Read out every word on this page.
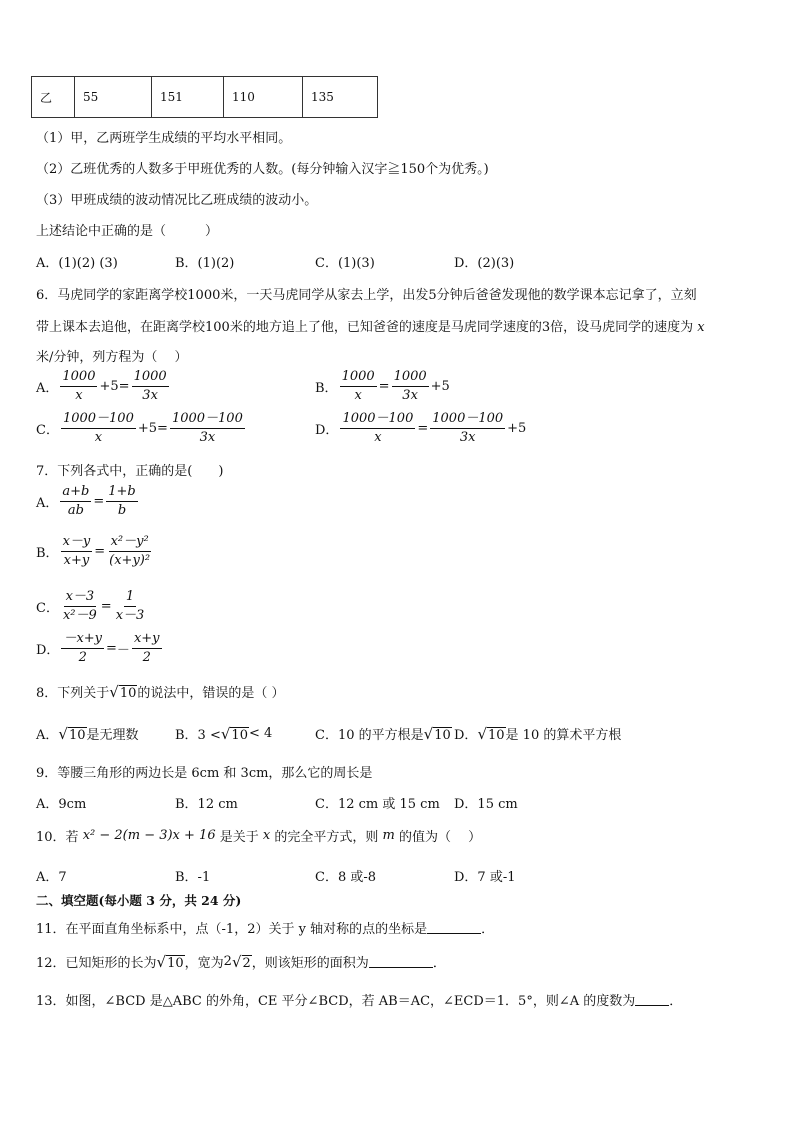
乙	55	151	110	135
（1）甲，乙两班学生成绩的平均水平相同。
（2）乙班优秀的人数多于甲班优秀的人数。(每分钟输入汉字≧150个为优秀。)
（3）甲班成绩的波动情况比乙班成绩的波动小。
上述结论中正确的是（　　　）
A．(1)(2) (3)	B．(1)(2)	C．(1)(3)	D．(2)(3)
6．马虎同学的家距离学校1000米，一天马虎同学从家去上学，出发5分钟后爸爸发现他的数学课本忘记拿了，立刻
带上课本去追他，在距离学校100米的地方追上了他，已知爸爸的速度是马虎同学速度的3倍，设马虎同学的速度为 x
米/分钟，列方程为（　 ）
A． $\frac{1000}{x} +5 = \frac{1000}{3x}$	B． $\frac{1000}{x} = \frac{1000}{3x} +5$
C． $\frac{1000-100}{x} +5 = \frac{1000-100}{3x}$	D． $\frac{1000-100}{x} = \frac{1000-100}{3x} +5$
7．下列各式中，正确的是(　　)
A． $\frac{a+b}{ab} = \frac{1+b}{b}$
B． $\frac{x-y}{x+y} = \frac{\text{x²－y²}}{\text{(x+y)²}}$
C． $\frac{x-3}{\text{x²－9}} = \frac{1}{x-3}$
D． $\frac{-x+y}{2}$ = － $\frac{x+y}{2}$
8．下列关于 √ 10 的说法中，错误的是（ ）
A． √ 10 是无理数	B．3 < √ 10 < 4	C．10 的平方根是 √ 10 D． √ 10 是 10 的算术平方根
9．等腰三角形的两边长是 6cm 和 3cm，那么它的周长是
A．9cm	B．12 cm	C．12 cm 或 15 cm D．15 cm
10．若
x² − 2(m − 3)x + 16
是关于
x
的完全平方式，则
m
的值为（　 ）
A．7	B．-1	C．8 或-8	D．7 或-1
二、填空题(每小题 3 分，共 24 分)
11．在平面直角坐标系中，点（-1，2）关于 y 轴对称的点的坐标是	．
12．已知矩形的长为 √ 10 ，宽为 2 √ 2 ，则该矩形的面积为	．
13．如图，∠BCD 是△ABC 的外角，CE 平分∠BCD，若 AB＝AC，∠ECD＝1．5°，则∠A 的度数为	．
